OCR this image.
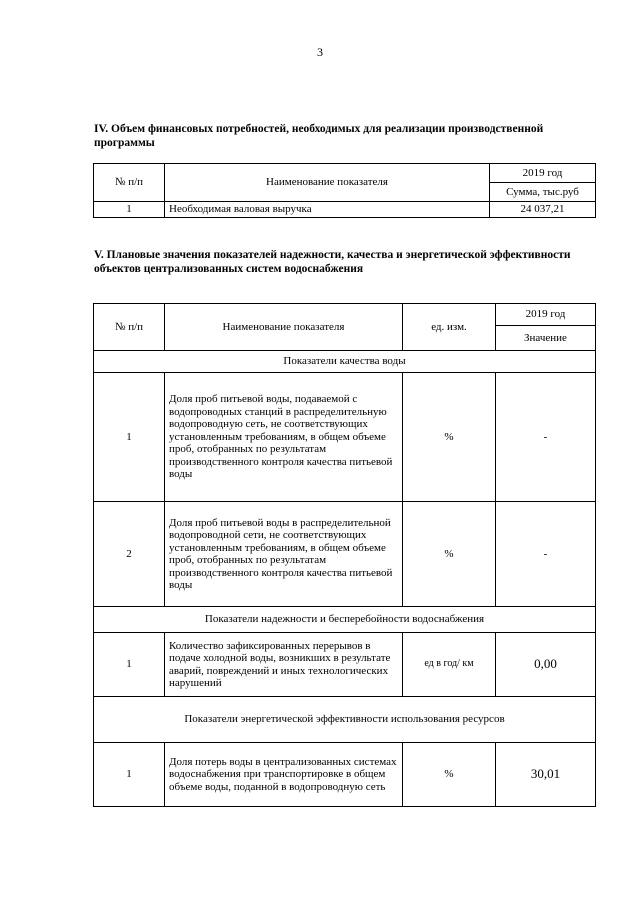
3
IV. Объем финансовых потребностей, необходимых для реализации производственной программы
№ п/п	Наименование показателя	2019 год
		Сумма, тыс.руб
1	Необходимая валовая выручка	24 037,21
V. Плановые значения показателей надежности, качества и энергетической эффективности объектов централизованных систем водоснабжения
№ п/п	Наименование показателя	ед. изм.	2019 год
			Значение
Показатели качества воды			
1	Доля проб питьевой воды, подаваемой с водопроводных станций в распределительную водопроводную сеть, не соответствующих установленным требованиям, в общем объеме проб, отобранных по результатам производственного контроля качества питьевой воды	%	-
2	Доля проб питьевой воды в распределительной водопроводной сети, не соответствующих установленным требованиям, в общем объеме проб, отобранных по результатам производственного контроля качества питьевой воды	%	-
Показатели надежности и бесперебойности водоснабжения			
1	Количество зафиксированных перерывов в подаче холодной воды, возникших в результате аварий, повреждений и иных технологических нарушений	ед в год/ км	0,00
Показатели энергетической эффективности использования ресурсов			
1	Доля потерь воды в централизованных системах водоснабжения при транспортировке в общем объеме воды, поданной в водопроводную сеть	%	30,01
